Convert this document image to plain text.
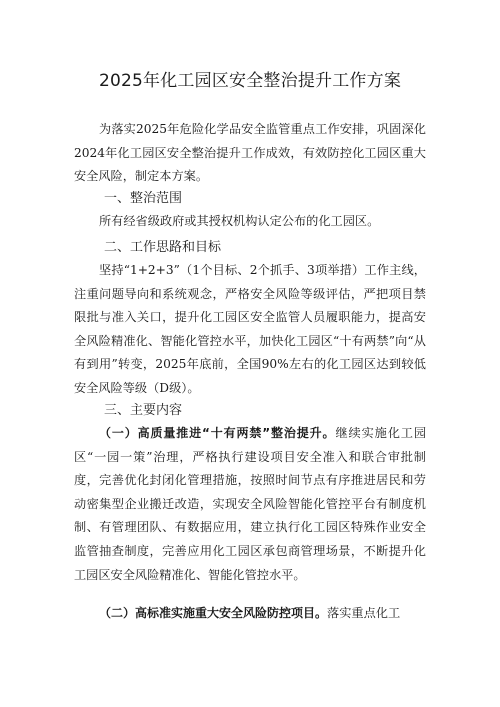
2025年化工园区安全整治提升工作方案

为落实2025年危险化学品安全监管重点工作安排，巩固深化2024年化工园区安全整治提升工作成效，有效防控化工园区重大安全风险，制定本方案。

一、整治范围

所有经省级政府或其授权机构认定公布的化工园区。

二、工作思路和目标

坚持“1+2+3”（1个目标、2个抓手、3项举措）工作主线，注重问题导向和系统观念，严格安全风险等级评估，严把项目禁限批与准入关口，提升化工园区安全监管人员履职能力，提高安全风险精准化、智能化管控水平，加快化工园区“十有两禁”向“从有到用”转变，2025年底前，全国90%左右的化工园区达到较低安全风险等级（D级）。

三、主要内容

（一）高质量推进“十有两禁”整治提升。继续实施化工园区“一园一策”治理，严格执行建设项目安全准入和联合审批制度，完善优化封闭化管理措施，按照时间节点有序推进居民和劳动密集型企业搬迁改造，实现安全风险智能化管控平台有制度机制、有管理团队、有数据应用，建立执行化工园区特殊作业安全监管抽查制度，完善应用化工园区承包商管理场景，不断提升化工园区安全风险精准化、智能化管控水平。

（二）高标准实施重大安全风险防控项目。落实重点化工
